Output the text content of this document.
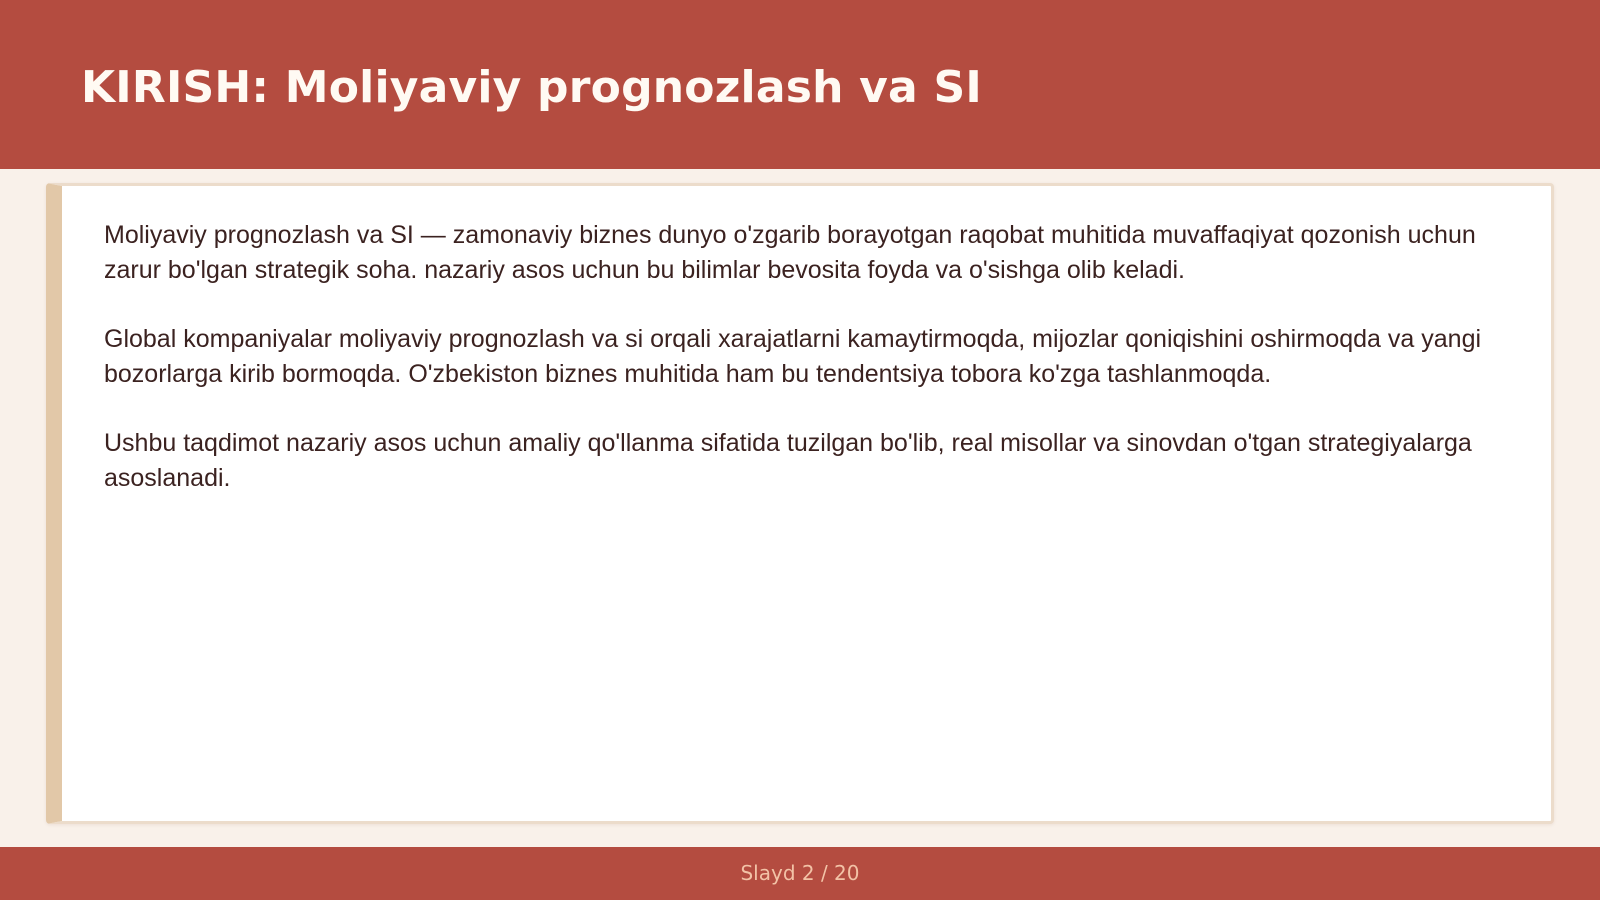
KIRISH: Moliyaviy prognozlash va SI

Moliyaviy prognozlash va SI — zamonaviy biznes dunyo o'zgarib borayotgan raqobat muhitida muvaffaqiyat qozonish uchun zarur bo'lgan strategik soha. nazariy asos uchun bu bilimlar bevosita foyda va o'sishga olib keladi.

Global kompaniyalar moliyaviy prognozlash va si orqali xarajatlarni kamaytirmoqda, mijozlar qoniqishini oshirmoqda va yangi bozorlarga kirib bormoqda. O'zbekiston biznes muhitida ham bu tendentsiya tobora ko'zga tashlanmoqda.

Ushbu taqdimot nazariy asos uchun amaliy qo'llanma sifatida tuzilgan bo'lib, real misollar va sinovdan o'tgan strategiyalarga asoslanadi.

Slayd 2 / 20
